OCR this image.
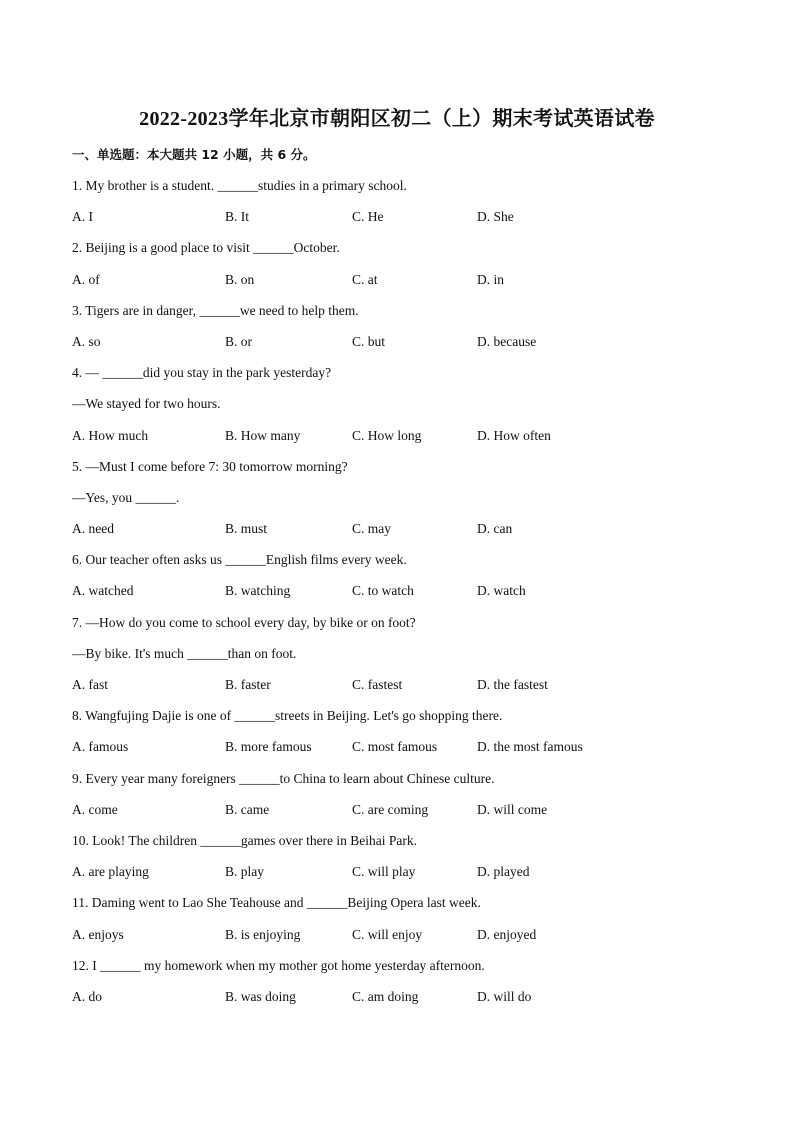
2022-2023学年北京市朝阳区初二（上）期末考试英语试卷
一、单选题：本大题共 12 小题，共 6 分。
1. My brother is a student. ______studies in a primary school.
A. I	B. It	C. He	D. She
2. Beijing is a good place to visit ______October.
A. of	B. on	C. at	D. in
3. Tigers are in danger, ______we need to help them.
A. so	B. or	C. but	D. because
4. — ______did you stay in the park yesterday?
—We stayed for two hours.
A. How much	B. How many	C. How long	D. How often
5. —Must I come before 7: 30 tomorrow morning?
—Yes, you ______.
A. need	B. must	C. may	D. can
6. Our teacher often asks us ______English films every week.
A. watched	B. watching	C. to watch	D. watch
7. —How do you come to school every day, by bike or on foot?
—By bike. It's much ______than on foot.
A. fast	B. faster	C. fastest	D. the fastest
8. Wangfujing Dajie is one of ______streets in Beijing. Let's go shopping there.
A. famous	B. more famous	C. most famous	D. the most famous
9. Every year many foreigners ______to China to learn about Chinese culture.
A. come	B. came	C. are coming	D. will come
10. Look! The children ______games over there in Beihai Park.
A. are playing	B. play	C. will play	D. played
11. Daming went to Lao She Teahouse and ______Beijing Opera last week.
A. enjoys	B. is enjoying	C. will enjoy	D. enjoyed
12. I ______ my homework when my mother got home yesterday afternoon.
A. do	B. was doing	C. am doing	D. will do
